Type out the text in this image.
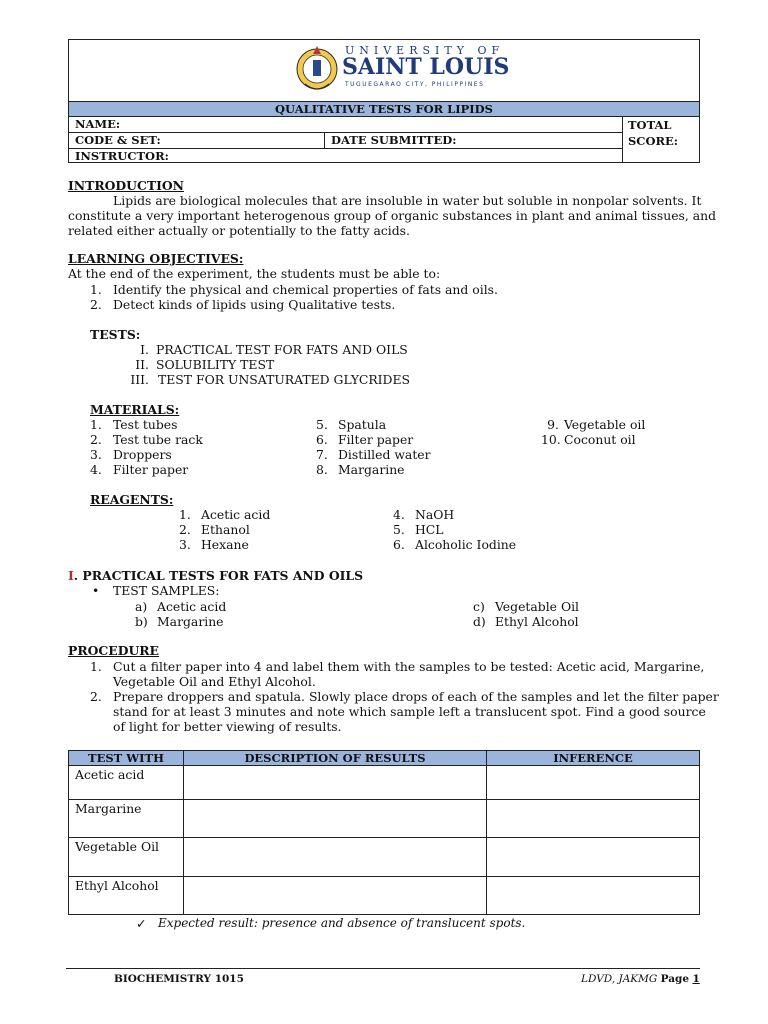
UNIVERSITY OF
SAINT LOUIS
TUGUEGARAO CITY, PHILIPPINES
QUALITATIVE TESTS FOR LIPIDS
NAME:
CODE & SET:	DATE SUBMITTED:
INSTRUCTOR:
TOTAL
SCORE:
INTRODUCTION
Lipids are biological molecules that are insoluble in water but soluble in nonpolar solvents. It
constitute a very important heterogenous group of organic substances in plant and animal tissues, and
related either actually or potentially to the fatty acids.
LEARNING OBJECTIVES:
At the end of the experiment, the students must be able to:
1. Identify the physical and chemical properties of fats and oils.
2. Detect kinds of lipids using Qualitative tests.
TESTS:
I. PRACTICAL TEST FOR FATS AND OILS
II. SOLUBILITY TEST
III. TEST FOR UNSATURATED GLYCRIDES
MATERIALS:
1. Test tubes
2. Test tube rack
3. Droppers
4. Filter paper
5. Spatula
6. Filter paper
7. Distilled water
8. Margarine
9. Vegetable oil
10. Coconut oil
REAGENTS:
1. Acetic acid
2. Ethanol
3. Hexane
4. NaOH
5. HCL
6. Alcoholic Iodine
I. PRACTICAL TESTS FOR FATS AND OILS
• TEST SAMPLES:
a) Acetic acid
b) Margarine
c) Vegetable Oil
d) Ethyl Alcohol
PROCEDURE
1. Cut a filter paper into 4 and label them with the samples to be tested: Acetic acid, Margarine,
Vegetable Oil and Ethyl Alcohol.
2. Prepare droppers and spatula. Slowly place drops of each of the samples and let the filter paper
stand for at least 3 minutes and note which sample left a translucent spot. Find a good source
of light for better viewing of results.
TEST WITH	DESCRIPTION OF RESULTS	INFERENCE
Acetic acid		
Margarine		
Vegetable Oil		
Ethyl Alcohol		
✓ Expected result: presence and absence of translucent spots.
BIOCHEMISTRY 1015	LDVD, JAKMG Page 1
